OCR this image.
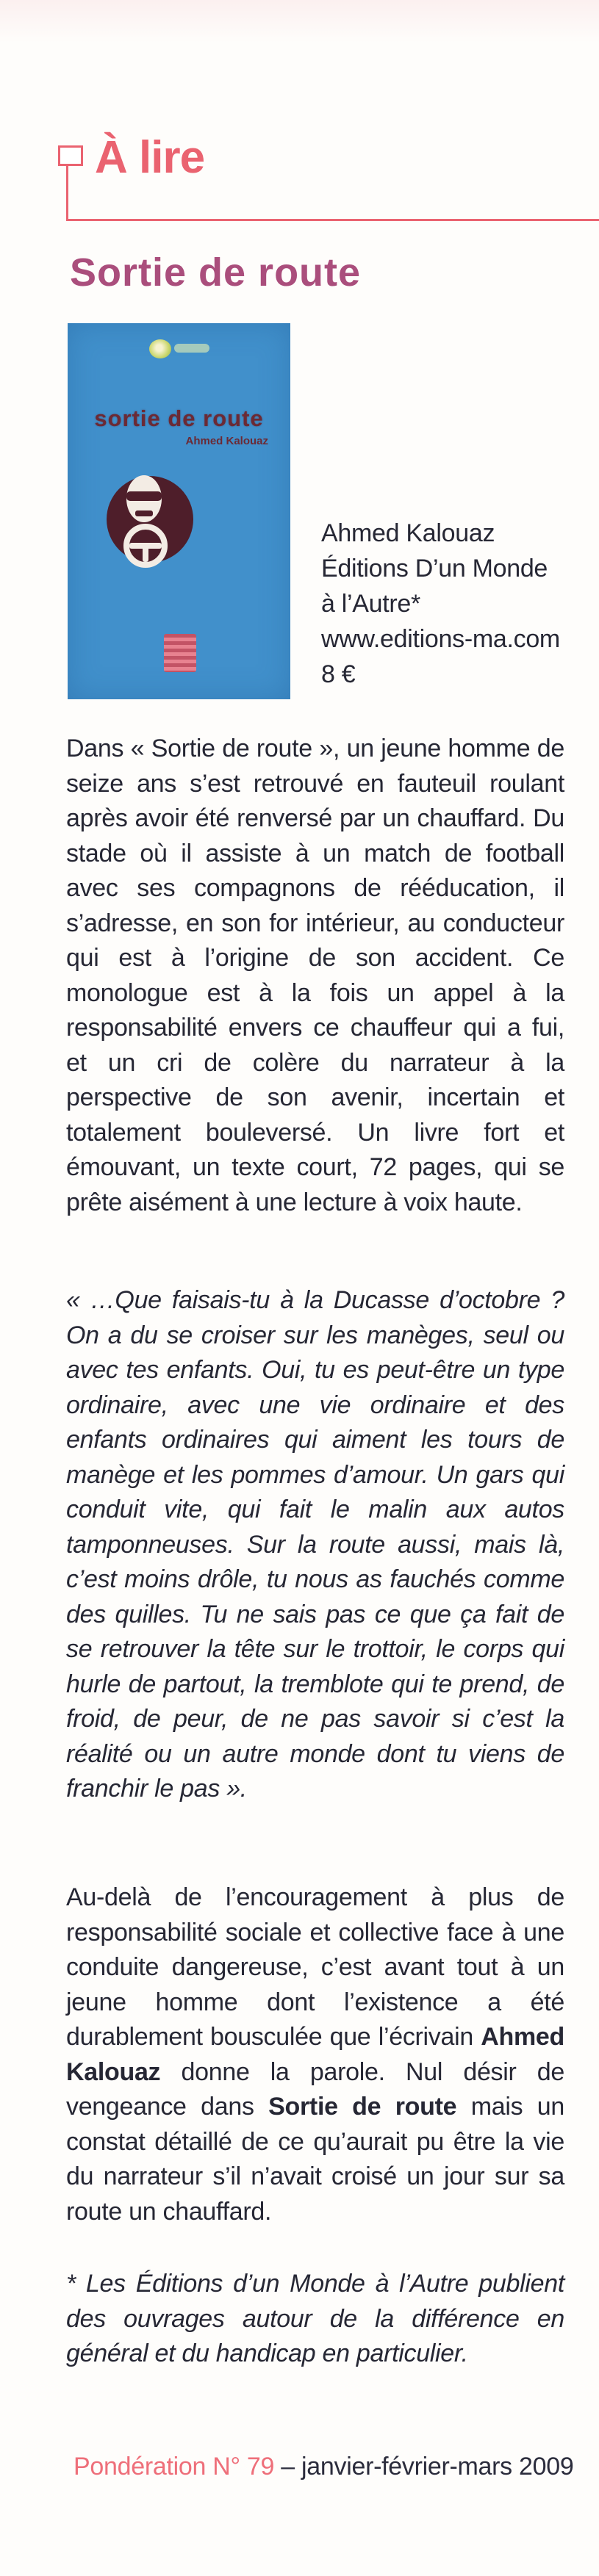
À lire
Sortie de route

sortie de route

Ahmed Kalouaz

Ahmed Kalouaz
Éditions D’un Monde
à l’Autre*
www.editions-ma.com
8 €

Dans « Sortie de route », un jeune homme de seize ans s’est retrouvé en fauteuil roulant après avoir été renversé par un chauffard. Du stade où il assiste à un match de football avec ses compagnons de rééducation, il s’adresse, en son for intérieur, au conducteur qui est à l’origine de son accident. Ce monologue est à la fois un appel à la responsabilité envers ce chauffeur qui a fui, et un cri de colère du narrateur à la perspective de son avenir, incertain et totalement bouleversé. Un livre fort et émouvant, un texte court, 72 pages, qui se prête aisément à une lecture à voix haute.

« …Que faisais-tu à la Ducasse d’octobre ? On a du se croiser sur les manèges, seul ou avec tes enfants. Oui, tu es peut-être un type ordinaire, avec une vie ordinaire et des enfants ordinaires qui aiment les tours de manège et les pommes d’amour. Un gars qui conduit vite, qui fait le malin aux autos tamponneuses. Sur la route aussi, mais là, c’est moins drôle, tu nous as fauchés comme des quilles. Tu ne sais pas ce que ça fait de se retrouver la tête sur le trottoir, le corps qui hurle de partout, la tremblote qui te prend, de froid, de peur, de ne pas savoir si c’est la réalité ou un autre monde dont tu viens de franchir le pas ».

Au-delà de l’encouragement à plus de responsabilité sociale et collective face à une conduite dangereuse, c’est avant tout à un jeune homme dont l’existence a été durablement bousculée que l’écrivain Ahmed Kalouaz donne la parole. Nul désir de vengeance dans Sortie de route mais un constat détaillé de ce qu’aurait pu être la vie du narrateur s’il n’avait croisé un jour sur sa route un chauffard.

* Les Éditions d’un Monde à l’Autre publient des ouvrages autour de la différence en général et du handicap en particulier.

Pondération N° 79 – janvier-février-mars 2009
